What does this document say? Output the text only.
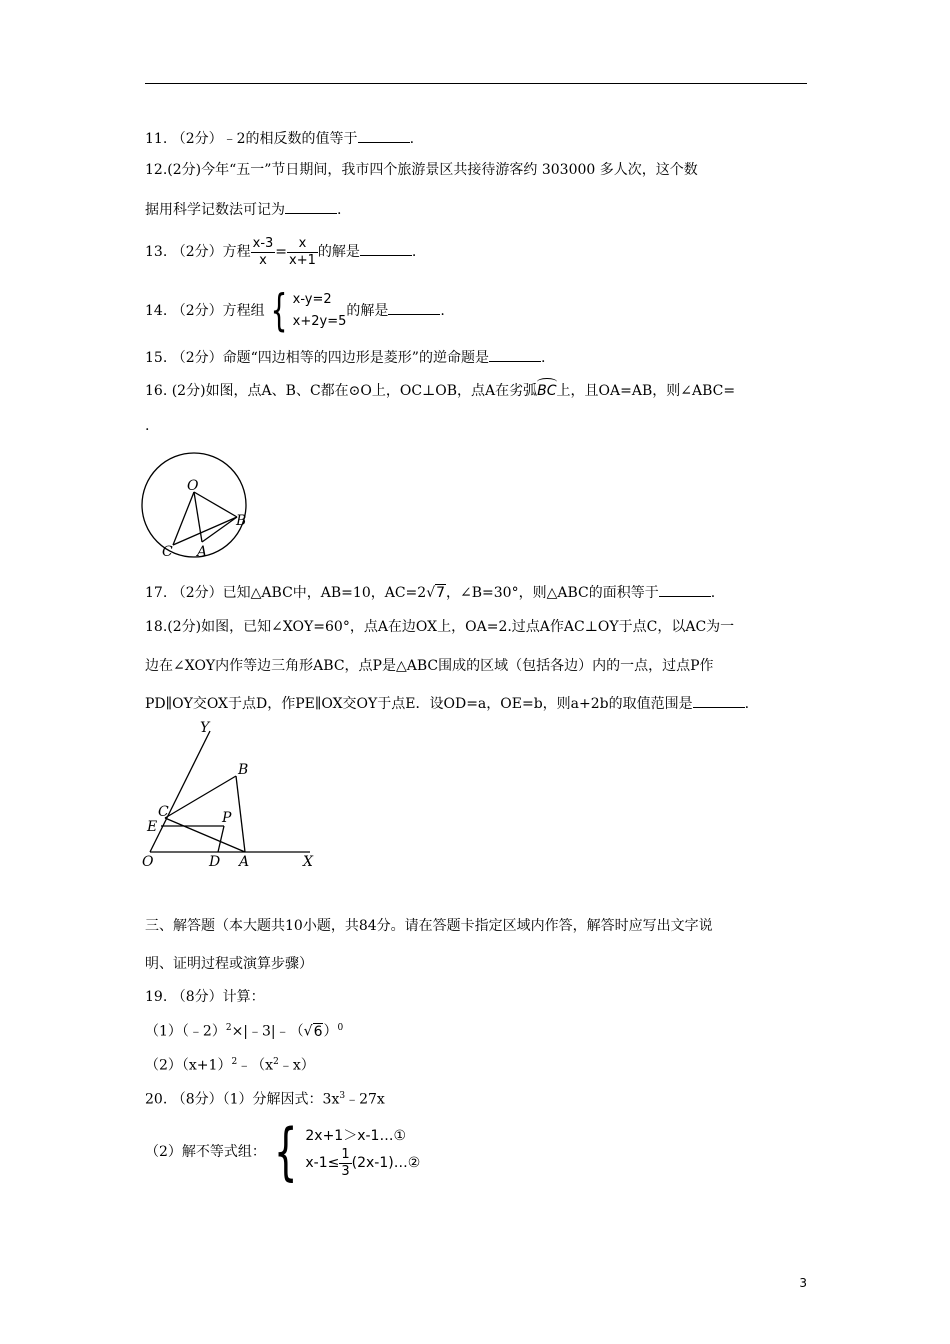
11. （2分）﹣2的相反数的值等于	.
12.(2分)今年“五一”节日期间，我市四个旅游景区共接待游客约 303000 多人次，这个数
据用科学记数法可记为	.
13. （2分）方程 $\frac{x-3}{x} = \frac{x}{x+1}$ 的解是	.
14. （2分）方程组 { x-y=2
x+2y=5
的解是	.
15. （2分）命题“四边相等的四边形是菱形”的逆命题是	.
16. (2分)如图，点A、B、C都在⊙O上，OC⊥OB，点A在劣弧BC上，且OA=AB，则∠ABC=
.
O
B
C A
17. （2分）已知△ABC中，AB=10，AC=2√7，∠B=30°，则△ABC的面积等于	.
18.(2分)如图，已知∠XOY=60°，点A在边OX上，OA=2.过点A作AC⊥OY于点C，以AC为一
边在∠XOY内作等边三角形ABC，点P是△ABC围成的区域（包括各边）内的一点，过点P作
PD∥OY交OX于点D，作PE∥OX交OY于点E．设OD=a，OE=b，则a+2b的取值范围是	.
Y
B
C	P
E
O	D A	X
三、解答题（本大题共10小题，共84分。请在答题卡指定区域内作答，解答时应写出文字说
明、证明过程或演算步骤）
19. （8分）计算：
$(1)(﹣2)^2\times|﹣3|﹣(√6)^0$
$(2)(x+1)^2﹣(x^2﹣x)$
20. （8分）（1）分解因式：$3x^3﹣27x$
（2）解不等式组： { 2x+1＞x-1…①
$x-1\le \frac{1}{3}$ (2x-1)…②
3
